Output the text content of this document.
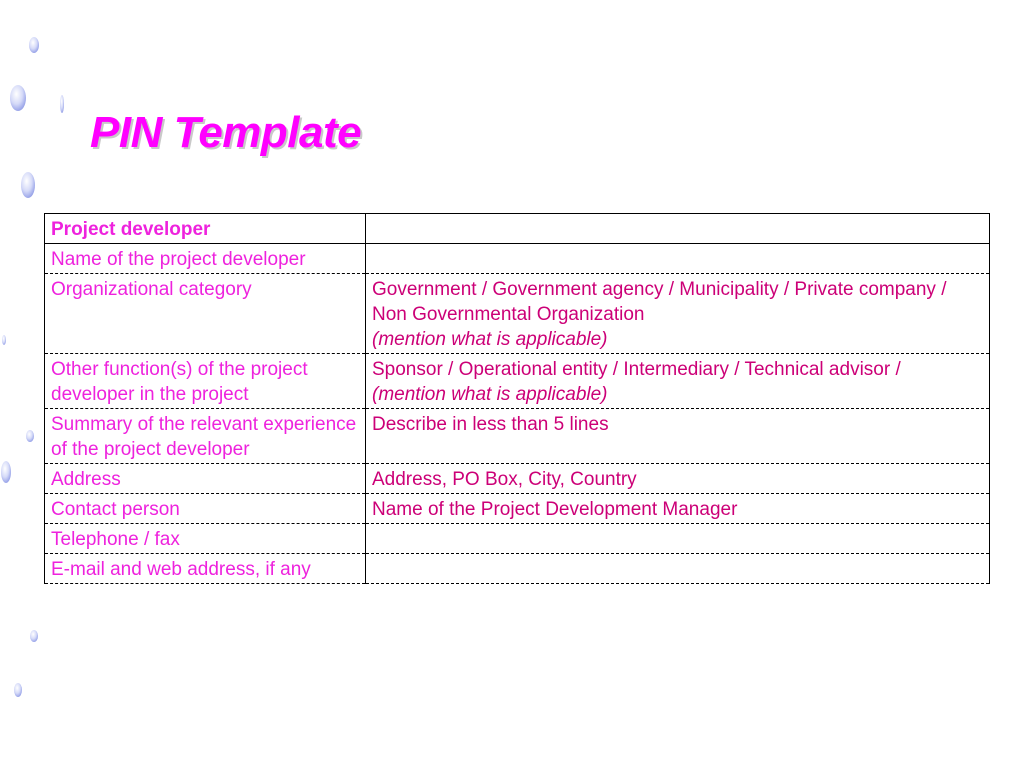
PIN Template
Project developer	
Name of the project developer	
Organizational category	Government / Government agency / Municipality / Private company / Non Governmental Organization
(mention what is applicable)

Other function(s) of the project developer in the project	Sponsor / Operational entity / Intermediary / Technical advisor /
(mention what is applicable)

Summary of the relevant experience of the project developer	Describe in less than 5 lines
Address	Address, PO Box, City, Country
Contact person	Name of the Project Development Manager
Telephone / fax	
E-mail and web address, if any	
